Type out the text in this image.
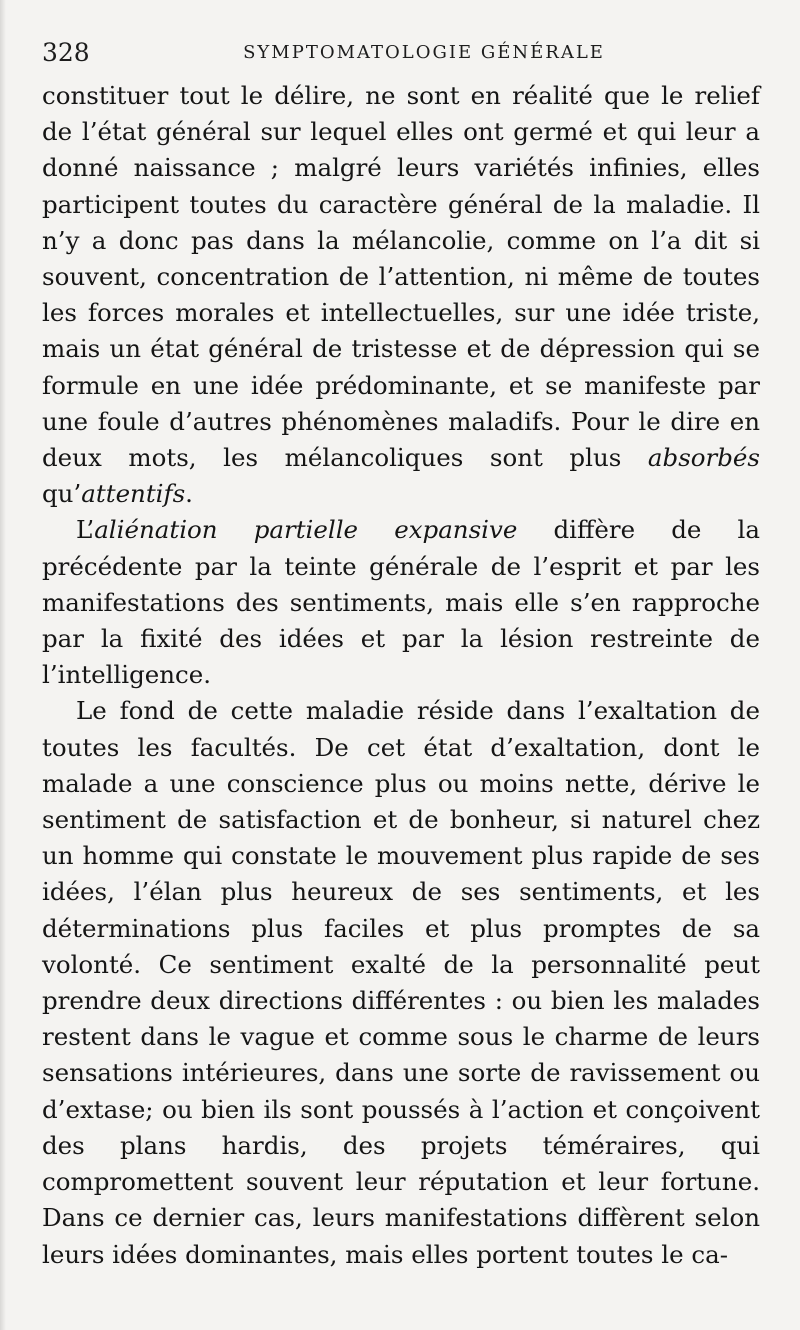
328	SYMPTOMATOLOGIE GÉNÉRALE

constituer tout le délire, ne sont en réalité que le relief de l’état général sur lequel elles ont germé et qui leur a donné naissance ; malgré leurs variétés infinies, elles participent toutes du caractère général de la maladie. Il n’y a donc pas dans la mélancolie, comme on l’a dit si souvent, concentration de l’attention, ni même de toutes les forces morales et intellectuelles, sur une idée triste, mais un état général de tristesse et de dépression qui se formule en une idée prédominante, et se manifeste par une foule d’autres phénomènes maladifs. Pour le dire en deux mots, les mélancoliques sont plus absorbés qu’attentifs.

L’aliénation partielle expansive diffère de la précédente par la teinte générale de l’esprit et par les manifestations des sentiments, mais elle s’en rapproche par la fixité des idées et par la lésion restreinte de l’intelligence.

Le fond de cette maladie réside dans l’exaltation de toutes les facultés. De cet état d’exaltation, dont le malade a une conscience plus ou moins nette, dérive le sentiment de satisfaction et de bonheur, si naturel chez un homme qui constate le mouvement plus rapide de ses idées, l’élan plus heureux de ses sentiments, et les déterminations plus faciles et plus promptes de sa volonté. Ce sentiment exalté de la personnalité peut prendre deux directions différentes : ou bien les malades restent dans le vague et comme sous le charme de leurs sensations intérieures, dans une sorte de ravissement ou d’extase; ou bien ils sont poussés à l’action et conçoivent des plans hardis, des projets téméraires, qui compromettent souvent leur réputation et leur fortune. Dans ce dernier cas, leurs manifestations diffèrent selon leurs idées dominantes, mais elles portent toutes le ca-
